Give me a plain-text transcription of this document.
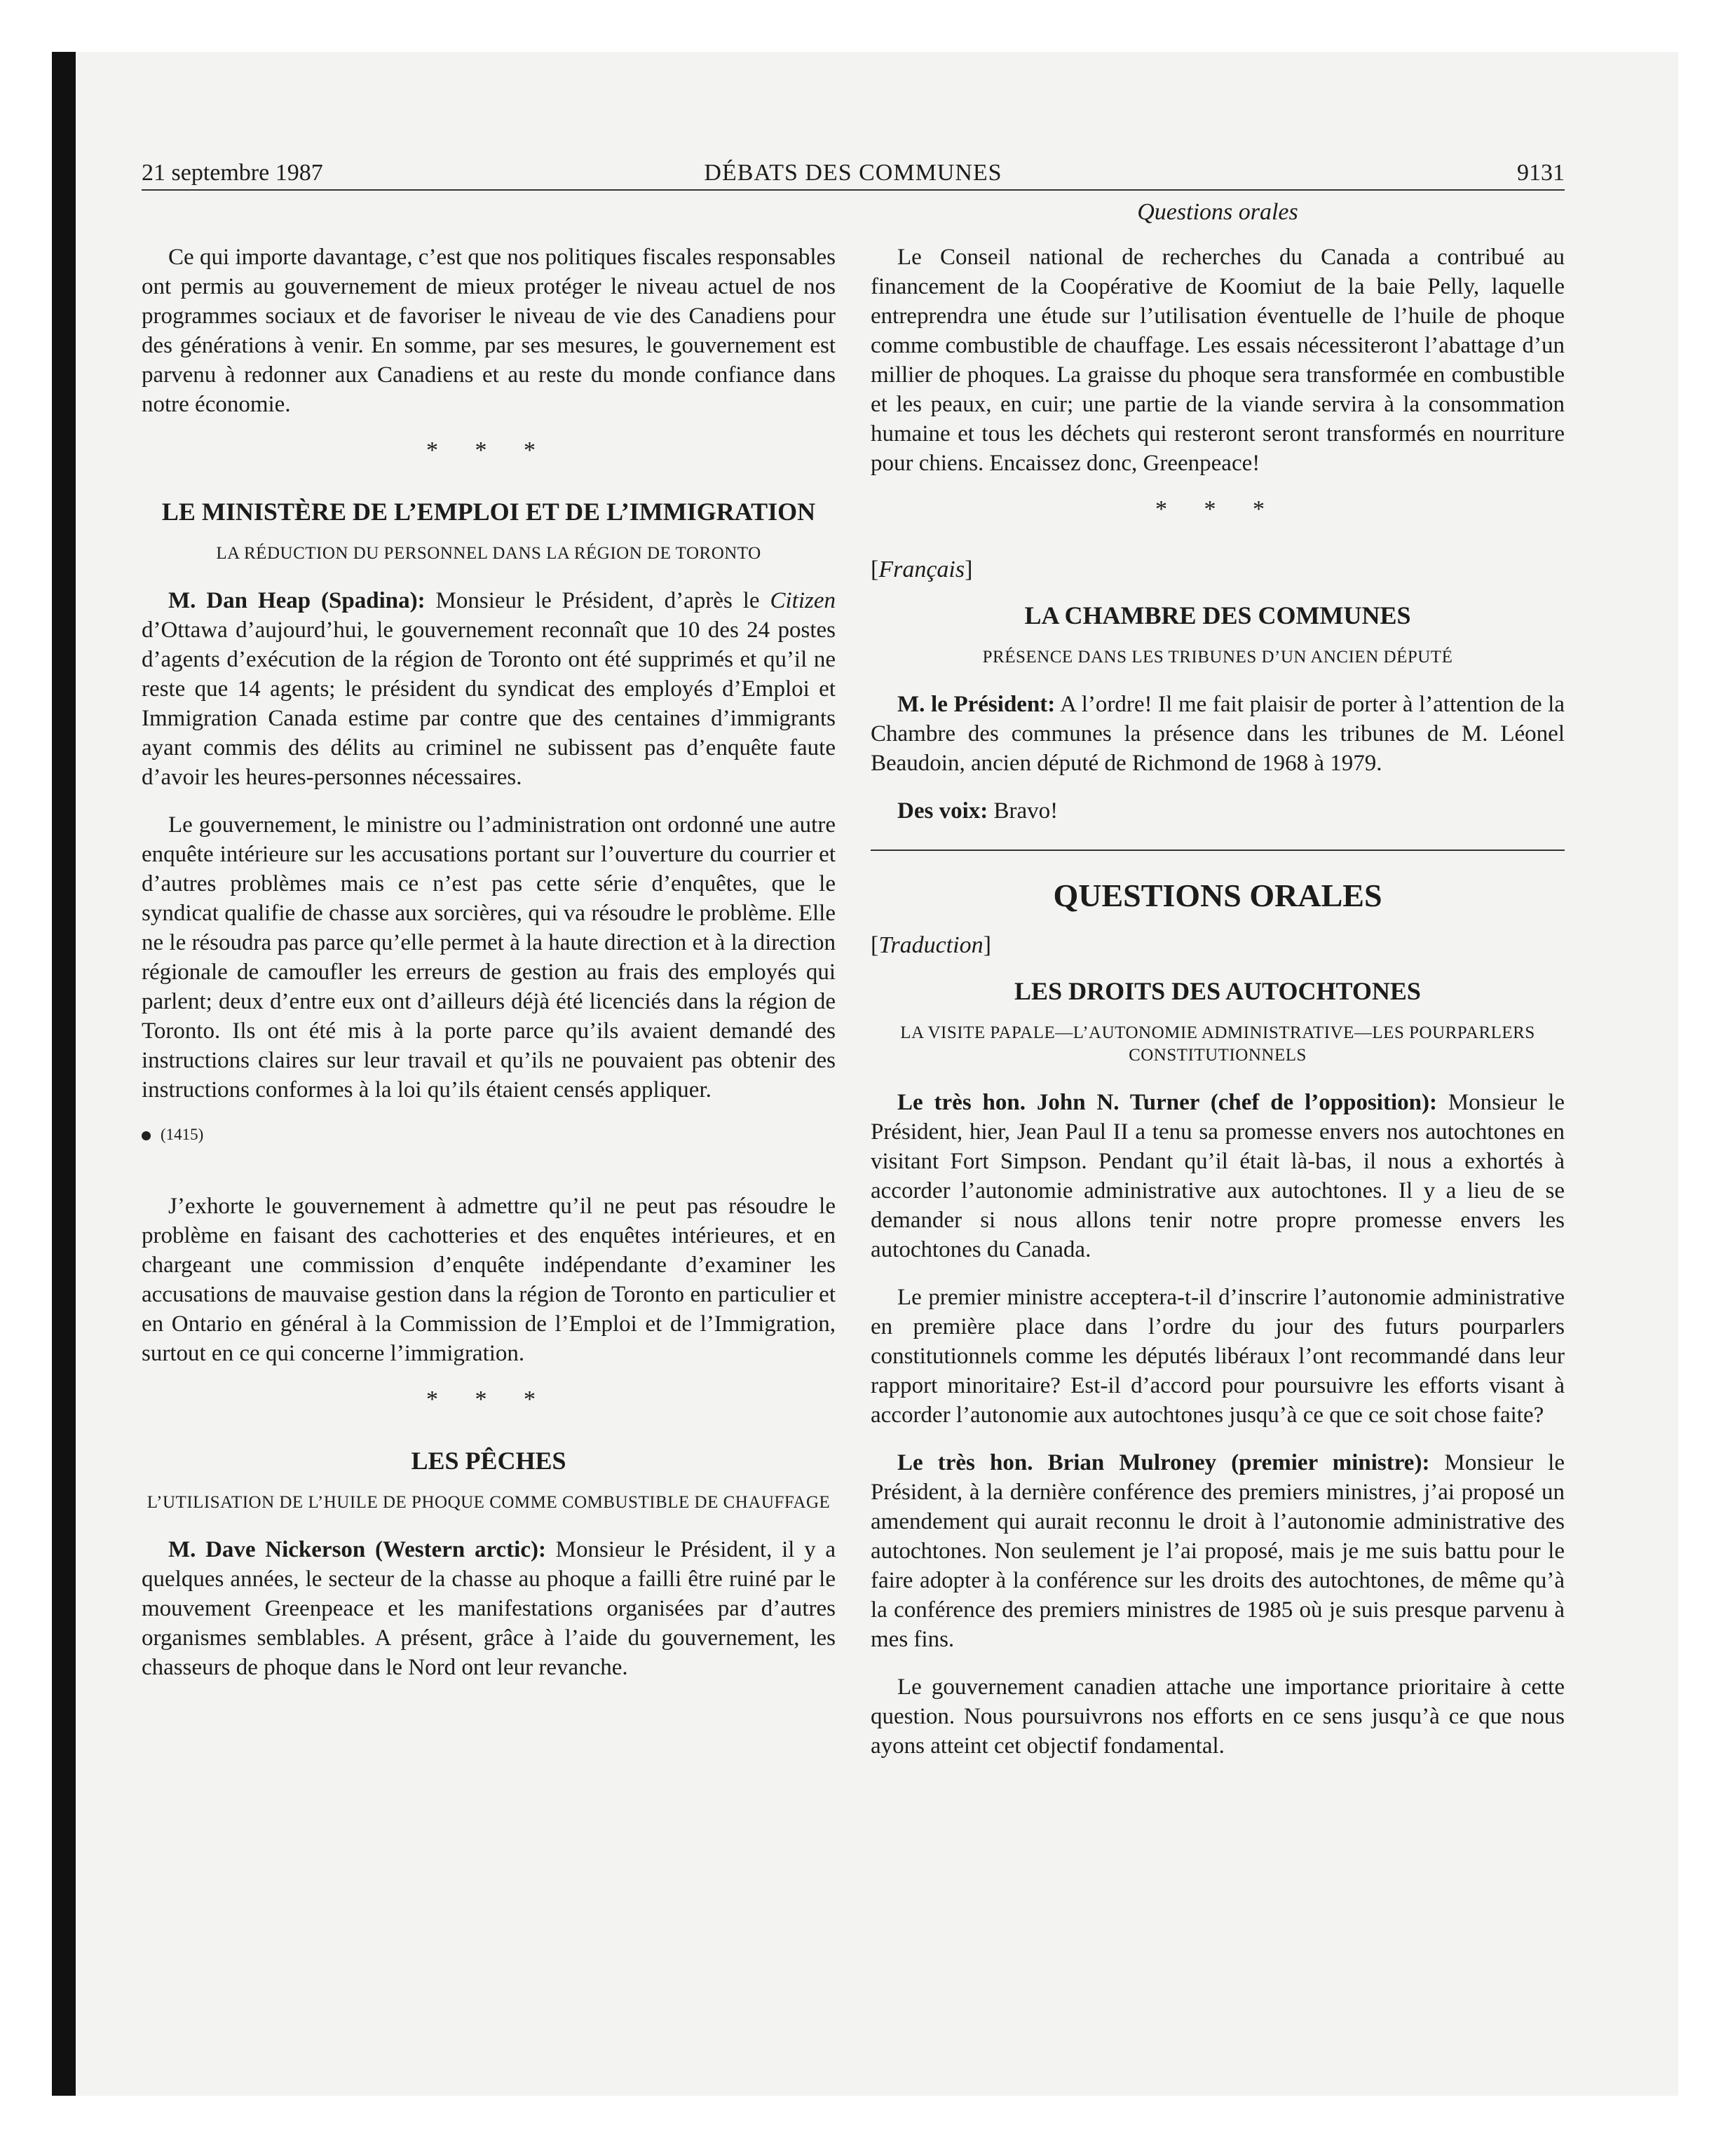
21 septembre 1987	DÉBATS DES COMMUNES	9131

Ce qui importe davantage, c’est que nos politiques fiscales responsables ont permis au gouvernement de mieux protéger le niveau actuel de nos programmes sociaux et de favoriser le niveau de vie des Canadiens pour des générations à venir. En somme, par ses mesures, le gouvernement est parvenu à redonner aux Canadiens et au reste du monde confiance dans notre économie.

* * *
LE MINISTÈRE DE L’EMPLOI ET DE L’IMMIGRATION
LA RÉDUCTION DU PERSONNEL DANS LA RÉGION DE TORONTO

M. Dan Heap (Spadina): Monsieur le Président, d’après le Citizen d’Ottawa d’aujourd’hui, le gouvernement reconnaît que 10 des 24 postes d’agents d’exécution de la région de Toronto ont été supprimés et qu’il ne reste que 14 agents; le président du syndicat des employés d’Emploi et Immigration Canada estime par contre que des centaines d’immigrants ayant commis des délits au criminel ne subissent pas d’enquête faute d’avoir les heures-personnes nécessaires.

Le gouvernement, le ministre ou l’administration ont ordonné une autre enquête intérieure sur les accusations portant sur l’ouverture du courrier et d’autres problèmes mais ce n’est pas cette série d’enquêtes, que le syndicat qualifie de chasse aux sorcières, qui va résoudre le problème. Elle ne le résoudra pas parce qu’elle permet à la haute direction et à la direction régionale de camoufler les erreurs de gestion au frais des employés qui parlent; deux d’entre eux ont d’ailleurs déjà été licenciés dans la région de Toronto. Ils ont été mis à la porte parce qu’ils avaient demandé des instructions claires sur leur travail et qu’ils ne pouvaient pas obtenir des instructions conformes à la loi qu’ils étaient censés appliquer.

(1415)

J’exhorte le gouvernement à admettre qu’il ne peut pas résoudre le problème en faisant des cachotteries et des enquêtes intérieures, et en chargeant une commission d’enquête indépendante d’examiner les accusations de mauvaise gestion dans la région de Toronto en particulier et en Ontario en général à la Commission de l’Emploi et de l’Immigration, surtout en ce qui concerne l’immigration.

* * *
LES PÊCHES
L’UTILISATION DE L’HUILE DE PHOQUE COMME COMBUSTIBLE DE CHAUFFAGE

M. Dave Nickerson (Western arctic): Monsieur le Président, il y a quelques années, le secteur de la chasse au phoque a failli être ruiné par le mouvement Greenpeace et les manifestations organisées par d’autres organismes semblables. A présent, grâce à l’aide du gouvernement, les chasseurs de phoque dans le Nord ont leur revanche.

Questions orales

Le Conseil national de recherches du Canada a contribué au financement de la Coopérative de Koomiut de la baie Pelly, laquelle entreprendra une étude sur l’utilisation éventuelle de l’huile de phoque comme combustible de chauffage. Les essais nécessiteront l’abattage d’un millier de phoques. La graisse du phoque sera transformée en combustible et les peaux, en cuir; une partie de la viande servira à la consommation humaine et tous les déchets qui resteront seront transformés en nourriture pour chiens. Encaissez donc, Greenpeace!

* * *
[Français]
LA CHAMBRE DES COMMUNES
PRÉSENCE DANS LES TRIBUNES D’UN ANCIEN DÉPUTÉ

M. le Président: A l’ordre! Il me fait plaisir de porter à l’attention de la Chambre des communes la présence dans les tribunes de M. Léonel Beaudoin, ancien député de Richmond de 1968 à 1979.

Des voix: Bravo!

QUESTIONS ORALES
[Traduction]
LES DROITS DES AUTOCHTONES
LA VISITE PAPALE—L’AUTONOMIE ADMINISTRATIVE—LES POURPARLERS CONSTITUTIONNELS

Le très hon. John N. Turner (chef de l’opposition): Monsieur le Président, hier, Jean Paul II a tenu sa promesse envers nos autochtones en visitant Fort Simpson. Pendant qu’il était là-bas, il nous a exhortés à accorder l’autonomie administrative aux autochtones. Il y a lieu de se demander si nous allons tenir notre propre promesse envers les autochtones du Canada.

Le premier ministre acceptera-t-il d’inscrire l’autonomie administrative en première place dans l’ordre du jour des futurs pourparlers constitutionnels comme les députés libéraux l’ont recommandé dans leur rapport minoritaire? Est-il d’accord pour poursuivre les efforts visant à accorder l’autonomie aux autochtones jusqu’à ce que ce soit chose faite?

Le très hon. Brian Mulroney (premier ministre): Monsieur le Président, à la dernière conférence des premiers ministres, j’ai proposé un amendement qui aurait reconnu le droit à l’autonomie administrative des autochtones. Non seulement je l’ai proposé, mais je me suis battu pour le faire adopter à la conférence sur les droits des autochtones, de même qu’à la conférence des premiers ministres de 1985 où je suis presque parvenu à mes fins.

Le gouvernement canadien attache une importance prioritaire à cette question. Nous poursuivrons nos efforts en ce sens jusqu’à ce que nous ayons atteint cet objectif fondamental.
